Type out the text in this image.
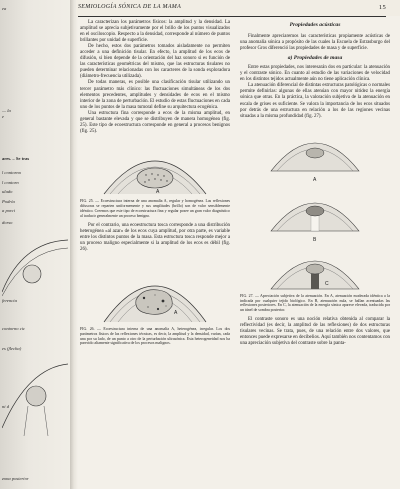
ea
— la
e
ares. – Se tras
l contorno
l contorn
ulado
Podría
a porci
dorso
ferencia
contorno cic
es (flecha)
ni d
zona posterior
SEMIOLOGÍA SÓNICA DE LA MAMA	15

La caracterizan los parámetros físicos: la amplitud y la densidad. La amplitud se aprecia subjetivamente por el brillo de los puntos visualizados en el osciloscopio. Respecto a la densidad, corresponde al número de puntos brillantes por unidad de superficie.

De hecho, estos dos parámetros tomados aisladamente no permiten acceder a una definición tisular. En efecto, la amplitud de los ecos de difusión, si bien depende de la orientación del haz sonoro si es función de las características geométricas del mismo, que las estructuras tisulares no pueden determinar relacionadas con los caracteres de la sonda exploradora (diámetro-frecuencia utilizada).

De todas maneras, es posible una clasificación tisular utilizando un tercer parámetro más clínico: las fluctuaciones simultáneas de los dos elementos precedentes, amplitudes y densidades de ecos en el mismo interior de la zona de perturbación. El estudio de estas fluctuaciones en cada uno de los puntos de la masa tumoral define su arquitectura ecogénica.

Una estructura fina corresponde a ecos de la misma amplitud, en general bastante elevada y que se distribuyen de manera homogénea (fig. 25). Este tipo de ecoestructura corresponde en general a procesos benignos (fig. 25).

A

FIG. 25. — Ecoestructura interna de una anomalía A, regular y homogénea. Las reflexiones difusoras se reparten uniformemente y sus amplitudes (brillo) son de valor sensiblemente idéntico. Creemos que este tipo de ecoestructura fina y regular posee un gran valor diagnóstico al traducir generalmente un proceso benigno.

Por el contrario, una ecoestructura tosca corresponde a una distribución heterogénea «al azar» de los ecos cuya amplitud, por otra parte, es variable entre los distintos puntos de la masa. Esta estructura tosca responde mejor a un proceso maligno especialmente si la amplitud de los ecos es débil (fig. 26).

A

FIG. 26. — Ecoestructura interna de una anomalía A, heterogénea, irregular. Los dos parámetros físicos de las reflexiones técnicas, es decir, la amplitud y la densidad, varían, cada una por su lado, de un punto a otro de la perturbación ultrasónica. Esta heterogeneidad nos ha parecido altamente significativa de los procesos malignos.

Propiedades acústicas

Finalmente apreciaremos las características propiamente acústicas de una anomalía sónica a propósito de las cuales la Escuela de Estrasburgo del profesor Gros diferenció las propiedades de masa y de superficie.

a) Propiedades de masa

Entre estas propiedades, nos interesarán dos en particular: la atenuación y el contraste sónico. En cuanto al estudio de las variaciones de velocidad en los distintos tejidos actualmente aún no tiene aplicación clínica.

La atenuación diferencial de distintas estructuras patológicas o normales permite definirlas: algunas de ellas atenúan con mayor nitidez la energía sónica que otras. En la práctica, la valoración subjetiva de la atenuación en escala de grises es suficiente. Se valora la importancia de los ecos situados por detrás de una estructura en relación a los de las regiones vecinas situadas a la misma profundidad (fig. 27).

A
B
C

FIG. 27. — Apreciación subjetiva de la atenuación. En A, atenuación moderada idéntica a la indicada por cualquier tejido biológico. En B, atenuación nula, se hallan acentuadas las reflexiones posteriores. En C, la atenuación de la energía sónica aparece elevada, traducida por un túnel de sombra posterior.

El contraste sonoro es una noción relativa obtenida al comparar la reflectividad (es decir, la amplitud de las reflexiones) de dos estructuras tisulares vecinas. Se trata, pues, de una relación entre dos valores, que entonces puede expresarse en decibelios. Aquí también nos contentamos con una apreciación subjetiva del contraste sobre la panta-
